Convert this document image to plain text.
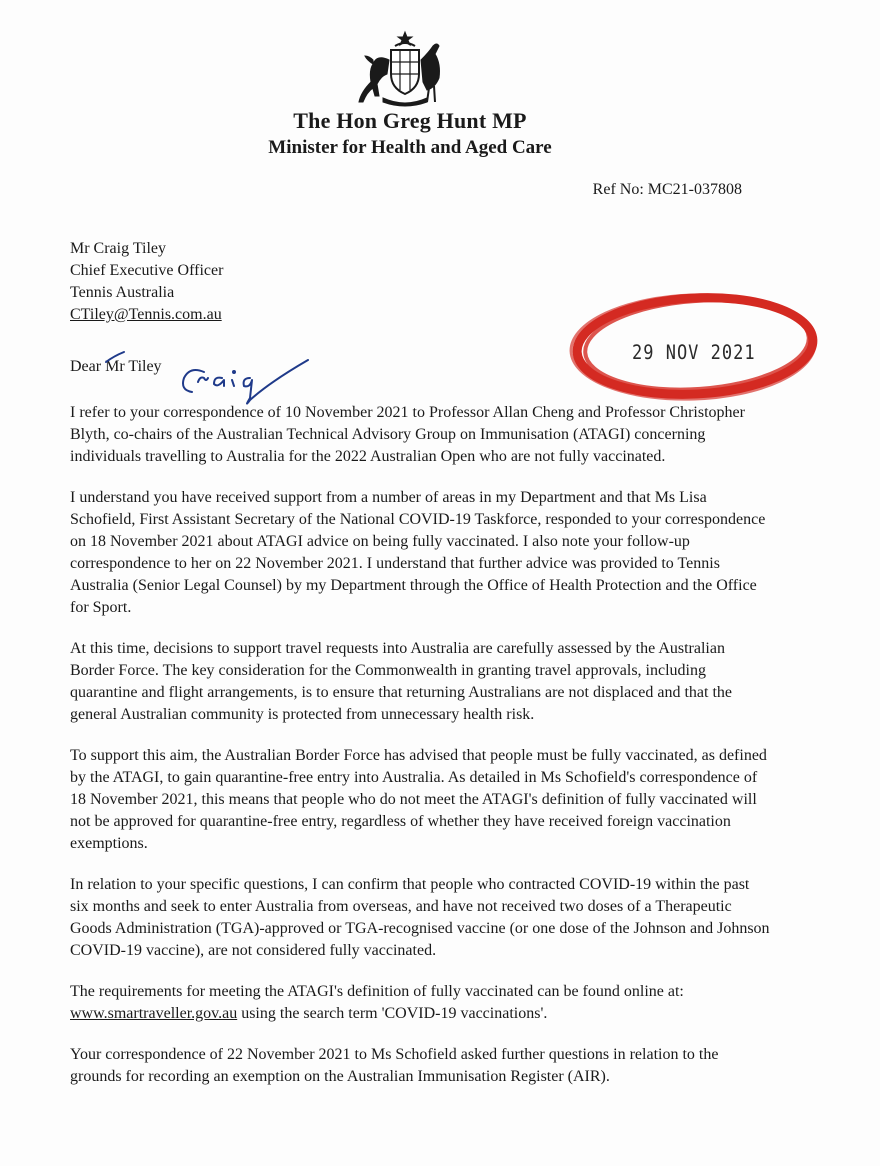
The Hon Greg Hunt MP
Minister for Health and Aged Care
Ref No: MC21-037808
Mr Craig Tiley
Chief Executive Officer
Tennis Australia
CTiley@Tennis.com.au
29 NOV 2021
Dear Mr Tiley

I refer to your correspondence of 10 November 2021 to Professor Allan Cheng and Professor Christopher Blyth, co-chairs of the Australian Technical Advisory Group on Immunisation (ATAGI) concerning individuals travelling to Australia for the 2022 Australian Open who are not fully vaccinated.

I understand you have received support from a number of areas in my Department and that Ms Lisa Schofield, First Assistant Secretary of the National COVID-19 Taskforce, responded to your correspondence on 18 November 2021 about ATAGI advice on being fully vaccinated. I also note your follow-up correspondence to her on 22 November 2021. I understand that further advice was provided to Tennis Australia (Senior Legal Counsel) by my Department through the Office of Health Protection and the Office for Sport.

At this time, decisions to support travel requests into Australia are carefully assessed by the Australian Border Force. The key consideration for the Commonwealth in granting travel approvals, including quarantine and flight arrangements, is to ensure that returning Australians are not displaced and that the general Australian community is protected from unnecessary health risk.

To support this aim, the Australian Border Force has advised that people must be fully vaccinated, as defined by the ATAGI, to gain quarantine-free entry into Australia. As detailed in Ms Schofield's correspondence of 18 November 2021, this means that people who do not meet the ATAGI's definition of fully vaccinated will not be approved for quarantine-free entry, regardless of whether they have received foreign vaccination exemptions.

In relation to your specific questions, I can confirm that people who contracted COVID-19 within the past six months and seek to enter Australia from overseas, and have not received two doses of a Therapeutic Goods Administration (TGA)-approved or TGA-recognised vaccine (or one dose of the Johnson and Johnson COVID-19 vaccine), are not considered fully vaccinated.

The requirements for meeting the ATAGI's definition of fully vaccinated can be found online at: www.smartraveller.gov.au using the search term 'COVID-19 vaccinations'.

Your correspondence of 22 November 2021 to Ms Schofield asked further questions in relation to the grounds for recording an exemption on the Australian Immunisation Register (AIR).
